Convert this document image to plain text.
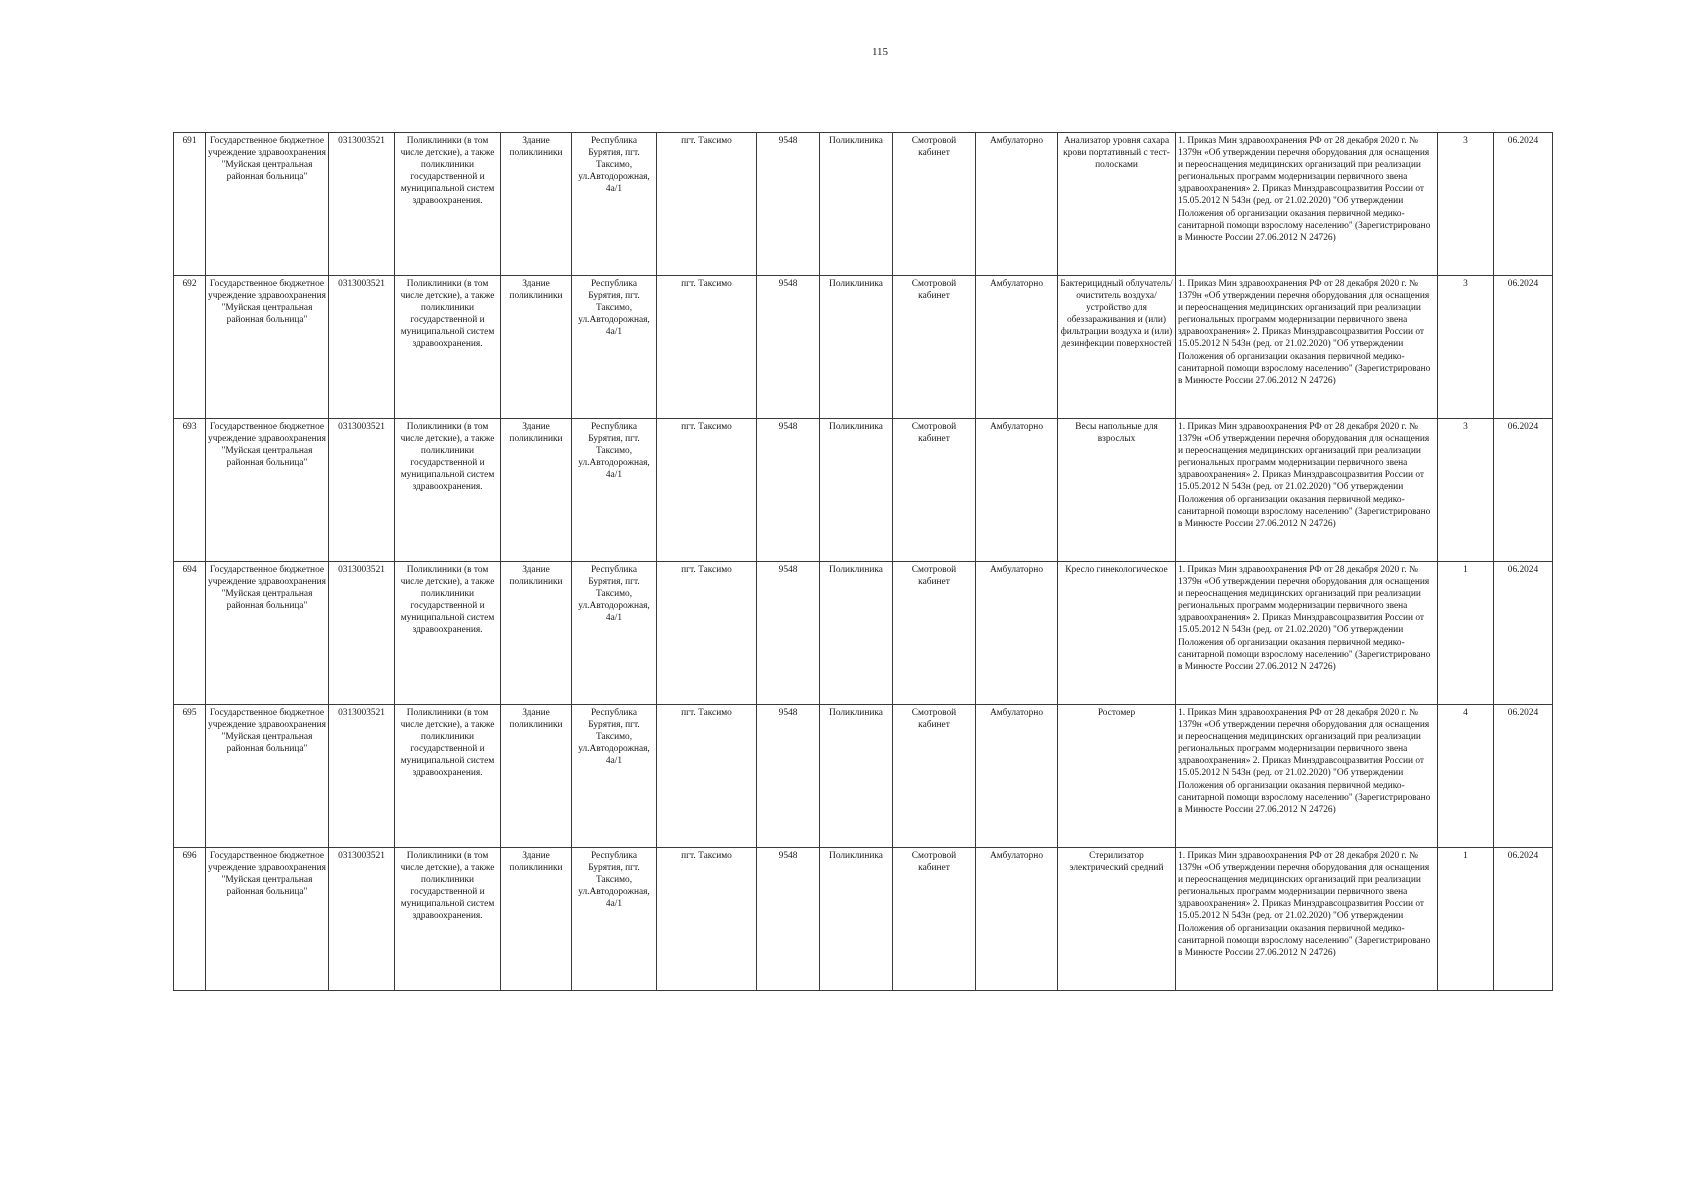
115
691	Государственное бюджетное учреждение здравоохранения "Муйская центральная районная больница"	0313003521	Поликлиники (в том числе детские), а также поликлиники государственной и муниципальной систем здравоохранения.	Здание поликлиники	Республика Бурятия, пгт. Таксимо, ул.Автодорожная, 4а/1	пгт. Таксимо	9548	Поликлиника	Смотровой кабинет	Амбулаторно	Анализатор уровня сахара крови портативный с тест-полосками	1. Приказ Мин здравоохранения РФ от 28 декабря 2020 г. № 1379н «Об утверждении перечня оборудования для оснащения и переоснащения медицинских организаций при реализации региональных программ модернизации первичного звена здравоохранения» 2. Приказ Минздравсоцразвития России от 15.05.2012 N 543н (ред. от 21.02.2020) "Об утверждении Положения об организации оказания первичной медико-санитарной помощи взрослому населению" (Зарегистрировано в Минюсте России 27.06.2012 N 24726)	3	06.2024
692	Государственное бюджетное учреждение здравоохранения "Муйская центральная районная больница"	0313003521	Поликлиники (в том числе детские), а также поликлиники государственной и муниципальной систем здравоохранения.	Здание поликлиники	Республика Бурятия, пгт. Таксимо, ул.Автодорожная, 4а/1	пгт. Таксимо	9548	Поликлиника	Смотровой кабинет	Амбулаторно	Бактерицидный облучатель/очиститель воздуха/устройство для обеззараживания и (или) фильтрации воздуха и (или) дезинфекции поверхностей	1. Приказ Мин здравоохранения РФ от 28 декабря 2020 г. № 1379н «Об утверждении перечня оборудования для оснащения и переоснащения медицинских организаций при реализации региональных программ модернизации первичного звена здравоохранения» 2. Приказ Минздравсоцразвития России от 15.05.2012 N 543н (ред. от 21.02.2020) "Об утверждении Положения об организации оказания первичной медико-санитарной помощи взрослому населению" (Зарегистрировано в Минюсте России 27.06.2012 N 24726)	3	06.2024
693	Государственное бюджетное учреждение здравоохранения "Муйская центральная районная больница"	0313003521	Поликлиники (в том числе детские), а также поликлиники государственной и муниципальной систем здравоохранения.	Здание поликлиники	Республика Бурятия, пгт. Таксимо, ул.Автодорожная, 4а/1	пгт. Таксимо	9548	Поликлиника	Смотровой кабинет	Амбулаторно	Весы напольные для взрослых	1. Приказ Мин здравоохранения РФ от 28 декабря 2020 г. № 1379н «Об утверждении перечня оборудования для оснащения и переоснащения медицинских организаций при реализации региональных программ модернизации первичного звена здравоохранения» 2. Приказ Минздравсоцразвития России от 15.05.2012 N 543н (ред. от 21.02.2020) "Об утверждении Положения об организации оказания первичной медико-санитарной помощи взрослому населению" (Зарегистрировано в Минюсте России 27.06.2012 N 24726)	3	06.2024
694	Государственное бюджетное учреждение здравоохранения "Муйская центральная районная больница"	0313003521	Поликлиники (в том числе детские), а также поликлиники государственной и муниципальной систем здравоохранения.	Здание поликлиники	Республика Бурятия, пгт. Таксимо, ул.Автодорожная, 4а/1	пгт. Таксимо	9548	Поликлиника	Смотровой кабинет	Амбулаторно	Кресло гинекологическое	1. Приказ Мин здравоохранения РФ от 28 декабря 2020 г. № 1379н «Об утверждении перечня оборудования для оснащения и переоснащения медицинских организаций при реализации региональных программ модернизации первичного звена здравоохранения» 2. Приказ Минздравсоцразвития России от 15.05.2012 N 543н (ред. от 21.02.2020) "Об утверждении Положения об организации оказания первичной медико-санитарной помощи взрослому населению" (Зарегистрировано в Минюсте России 27.06.2012 N 24726)	1	06.2024
695	Государственное бюджетное учреждение здравоохранения "Муйская центральная районная больница"	0313003521	Поликлиники (в том числе детские), а также поликлиники государственной и муниципальной систем здравоохранения.	Здание поликлиники	Республика Бурятия, пгт. Таксимо, ул.Автодорожная, 4а/1	пгт. Таксимо	9548	Поликлиника	Смотровой кабинет	Амбулаторно	Ростомер	1. Приказ Мин здравоохранения РФ от 28 декабря 2020 г. № 1379н «Об утверждении перечня оборудования для оснащения и переоснащения медицинских организаций при реализации региональных программ модернизации первичного звена здравоохранения» 2. Приказ Минздравсоцразвития России от 15.05.2012 N 543н (ред. от 21.02.2020) "Об утверждении Положения об организации оказания первичной медико-санитарной помощи взрослому населению" (Зарегистрировано в Минюсте России 27.06.2012 N 24726)	4	06.2024
696	Государственное бюджетное учреждение здравоохранения "Муйская центральная районная больница"	0313003521	Поликлиники (в том числе детские), а также поликлиники государственной и муниципальной систем здравоохранения.	Здание поликлиники	Республика Бурятия, пгт. Таксимо, ул.Автодорожная, 4а/1	пгт. Таксимо	9548	Поликлиника	Смотровой кабинет	Амбулаторно	Стерилизатор электрический средний	1. Приказ Мин здравоохранения РФ от 28 декабря 2020 г. № 1379н «Об утверждении перечня оборудования для оснащения и переоснащения медицинских организаций при реализации региональных программ модернизации первичного звена здравоохранения» 2. Приказ Минздравсоцразвития России от 15.05.2012 N 543н (ред. от 21.02.2020) "Об утверждении Положения об организации оказания первичной медико-санитарной помощи взрослому населению" (Зарегистрировано в Минюсте России 27.06.2012 N 24726)	1	06.2024
